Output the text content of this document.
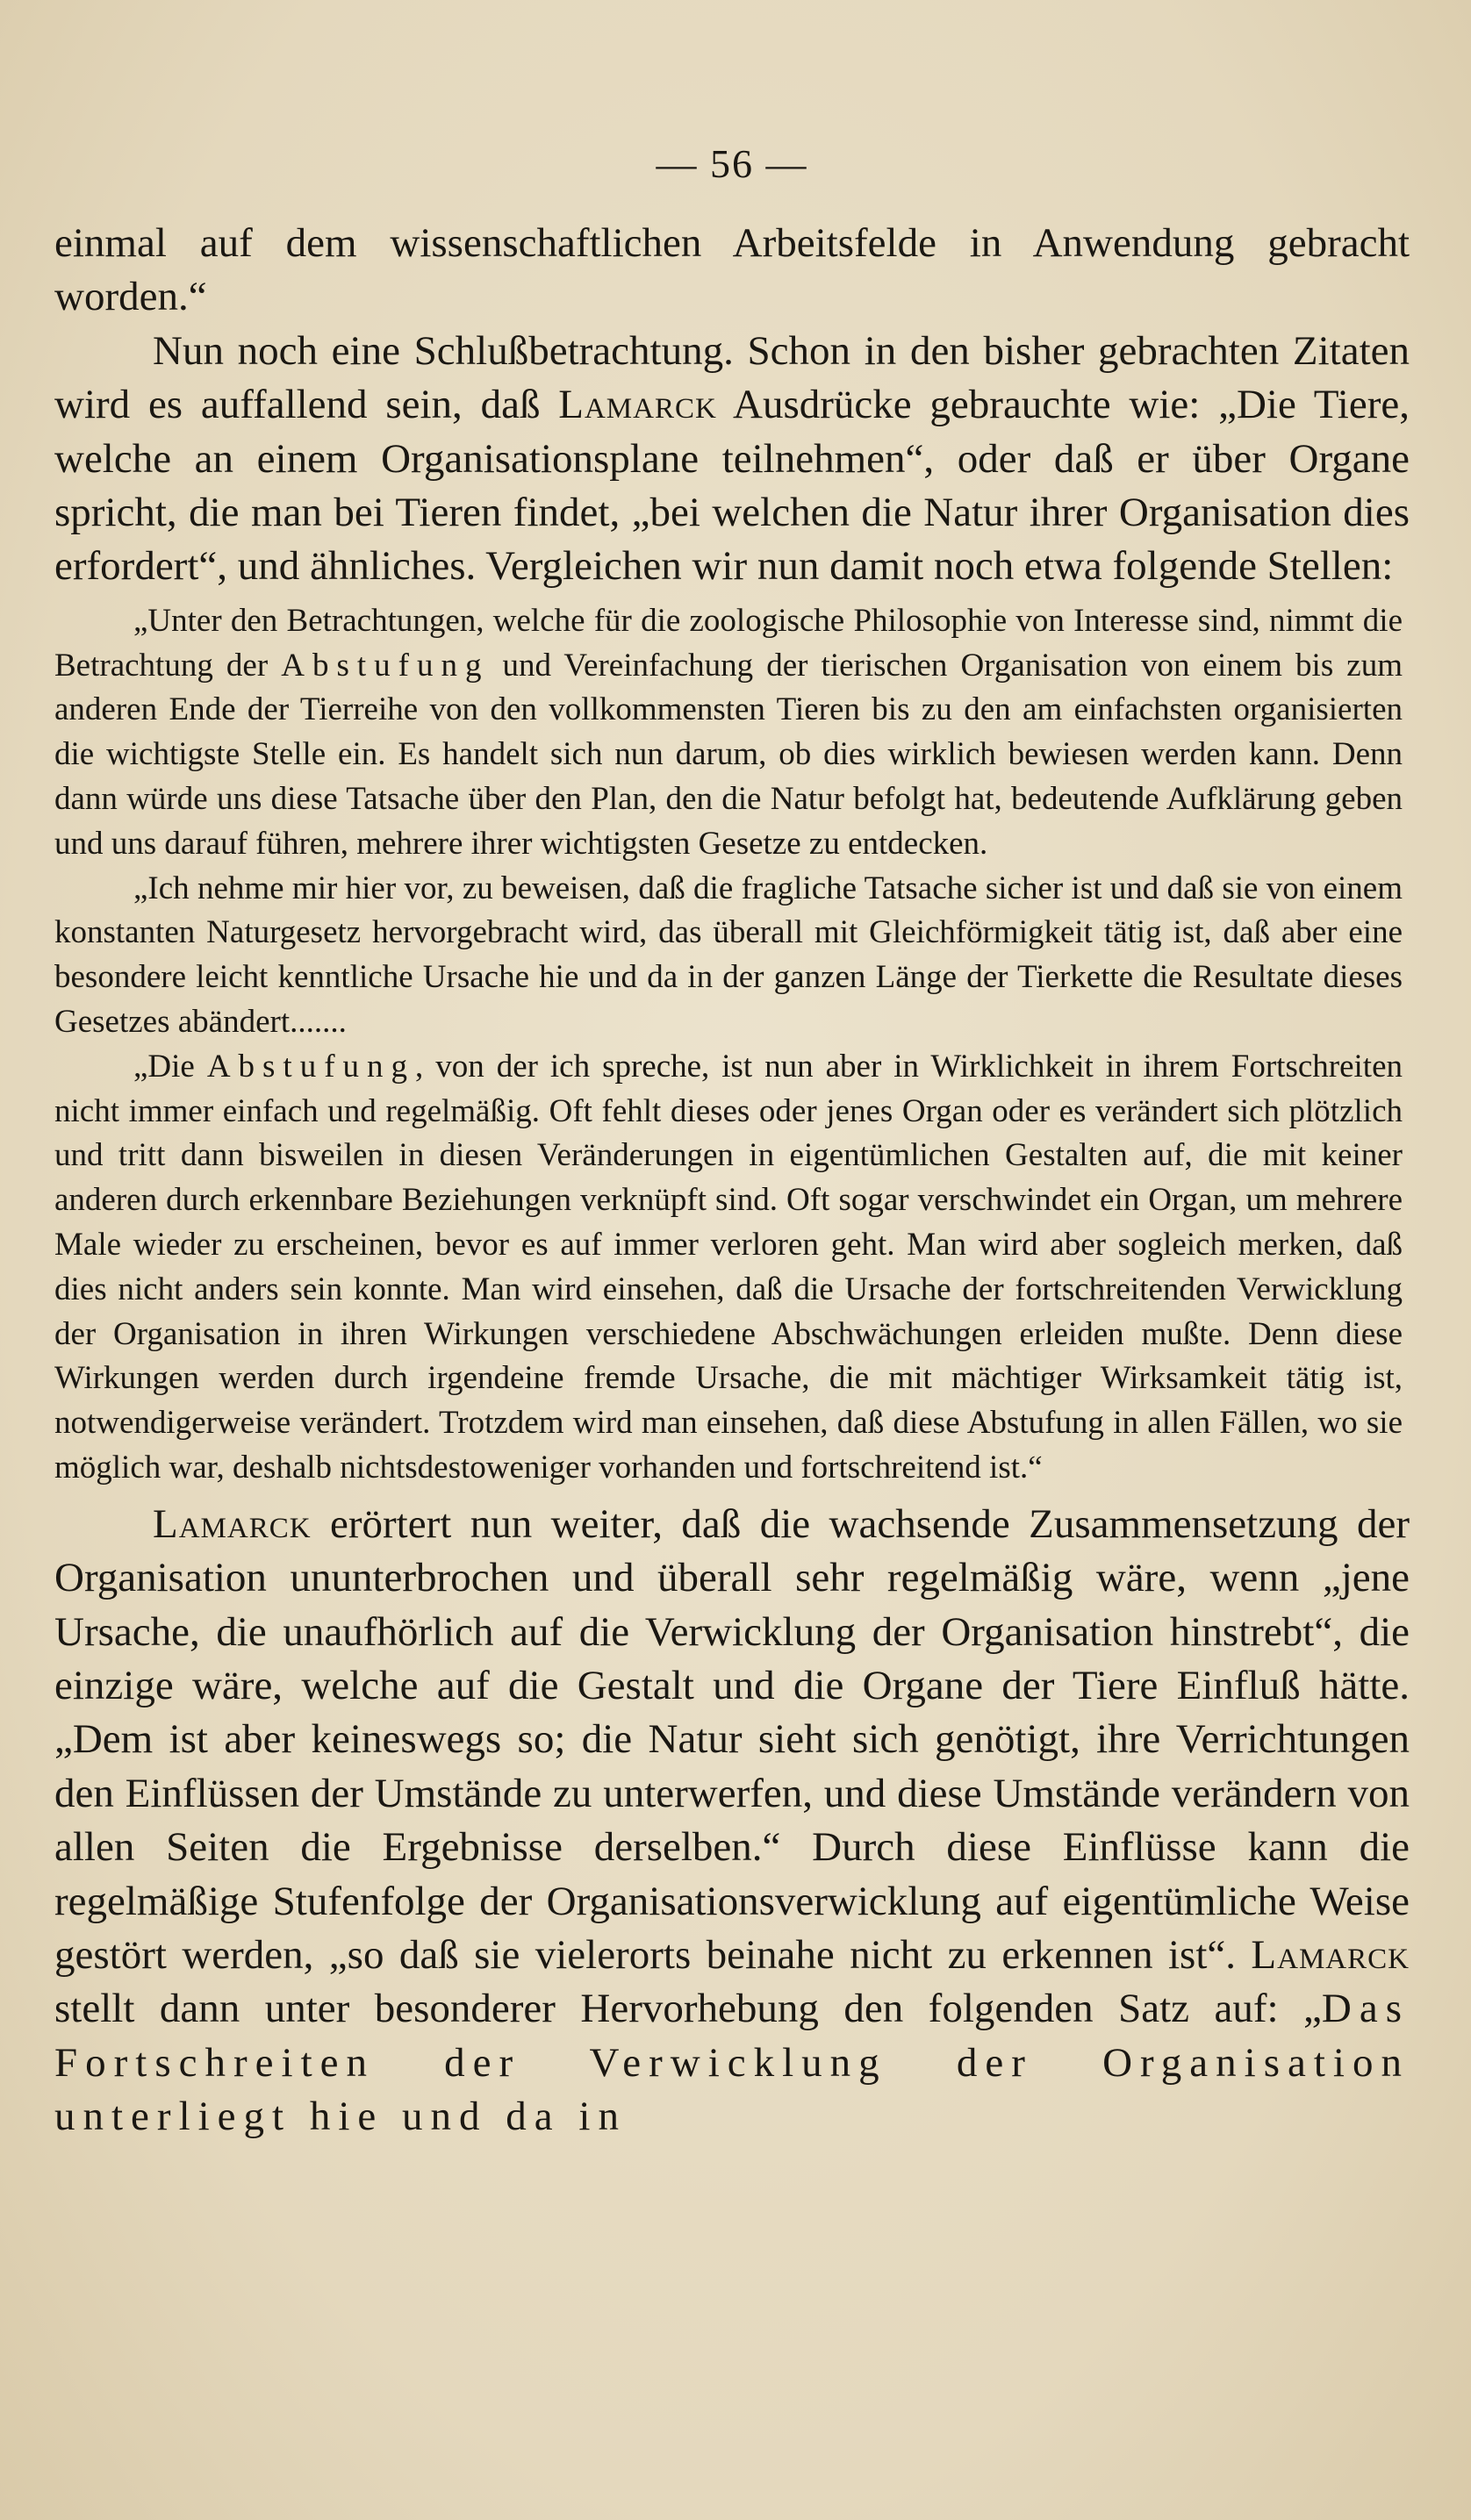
— 56 —

einmal auf dem wissenschaftlichen Arbeitsfelde in Anwendung gebracht worden.“

Nun noch eine Schlußbetrachtung. Schon in den bisher gebrachten Zitaten wird es auffallend sein, daß Lamarck Ausdrücke gebrauchte wie: „Die Tiere, welche an einem Organisationsplane teilnehmen“, oder daß er über Organe spricht, die man bei Tieren findet, „bei welchen die Natur ihrer Organisation dies erfordert“, und ähnliches. Vergleichen wir nun damit noch etwa folgende Stellen:

„Unter den Betrachtungen, welche für die zoologische Philosophie von Interesse sind, nimmt die Betrachtung der Abstufung und Vereinfachung der tierischen Organisation von einem bis zum anderen Ende der Tierreihe von den vollkommensten Tieren bis zu den am einfachsten organisierten die wichtigste Stelle ein. Es handelt sich nun darum, ob dies wirklich bewiesen werden kann. Denn dann würde uns diese Tatsache über den Plan, den die Natur befolgt hat, bedeutende Aufklärung geben und uns darauf führen, mehrere ihrer wichtigsten Gesetze zu entdecken.

„Ich nehme mir hier vor, zu beweisen, daß die fragliche Tatsache sicher ist und daß sie von einem konstanten Naturgesetz hervorgebracht wird, das überall mit Gleichförmigkeit tätig ist, daß aber eine besondere leicht kenntliche Ursache hie und da in der ganzen Länge der Tierkette die Resultate dieses Gesetzes abändert.......

„Die Abstufung, von der ich spreche, ist nun aber in Wirklichkeit in ihrem Fortschreiten nicht immer einfach und regelmäßig. Oft fehlt dieses oder jenes Organ oder es verändert sich plötzlich und tritt dann bisweilen in diesen Veränderungen in eigentümlichen Gestalten auf, die mit keiner anderen durch erkennbare Beziehungen verknüpft sind. Oft sogar verschwindet ein Organ, um mehrere Male wieder zu erscheinen, bevor es auf immer verloren geht. Man wird aber sogleich merken, daß dies nicht anders sein konnte. Man wird einsehen, daß die Ursache der fortschreitenden Verwicklung der Organisation in ihren Wirkungen verschiedene Abschwächungen erleiden mußte. Denn diese Wirkungen werden durch irgendeine fremde Ursache, die mit mächtiger Wirksamkeit tätig ist, notwendigerweise verändert. Trotzdem wird man einsehen, daß diese Abstufung in allen Fällen, wo sie möglich war, deshalb nichtsdestoweniger vorhanden und fortschreitend ist.“

Lamarck erörtert nun weiter, daß die wachsende Zusammensetzung der Organisation ununterbrochen und überall sehr regelmäßig wäre, wenn „jene Ursache, die unaufhörlich auf die Verwicklung der Organisation hinstrebt“, die einzige wäre, welche auf die Gestalt und die Organe der Tiere Einfluß hätte. „Dem ist aber keineswegs so; die Natur sieht sich genötigt, ihre Verrichtungen den Einflüssen der Umstände zu unterwerfen, und diese Umstände verändern von allen Seiten die Ergebnisse derselben.“ Durch diese Einflüsse kann die regelmäßige Stufenfolge der Organisationsverwicklung auf eigentümliche Weise gestört werden, „so daß sie vielerorts beinahe nicht zu erkennen ist“. Lamarck stellt dann unter besonderer Hervorhebung den folgenden Satz auf: „Das Fortschreiten der Verwicklung der Organisation unterliegt hie und da in
